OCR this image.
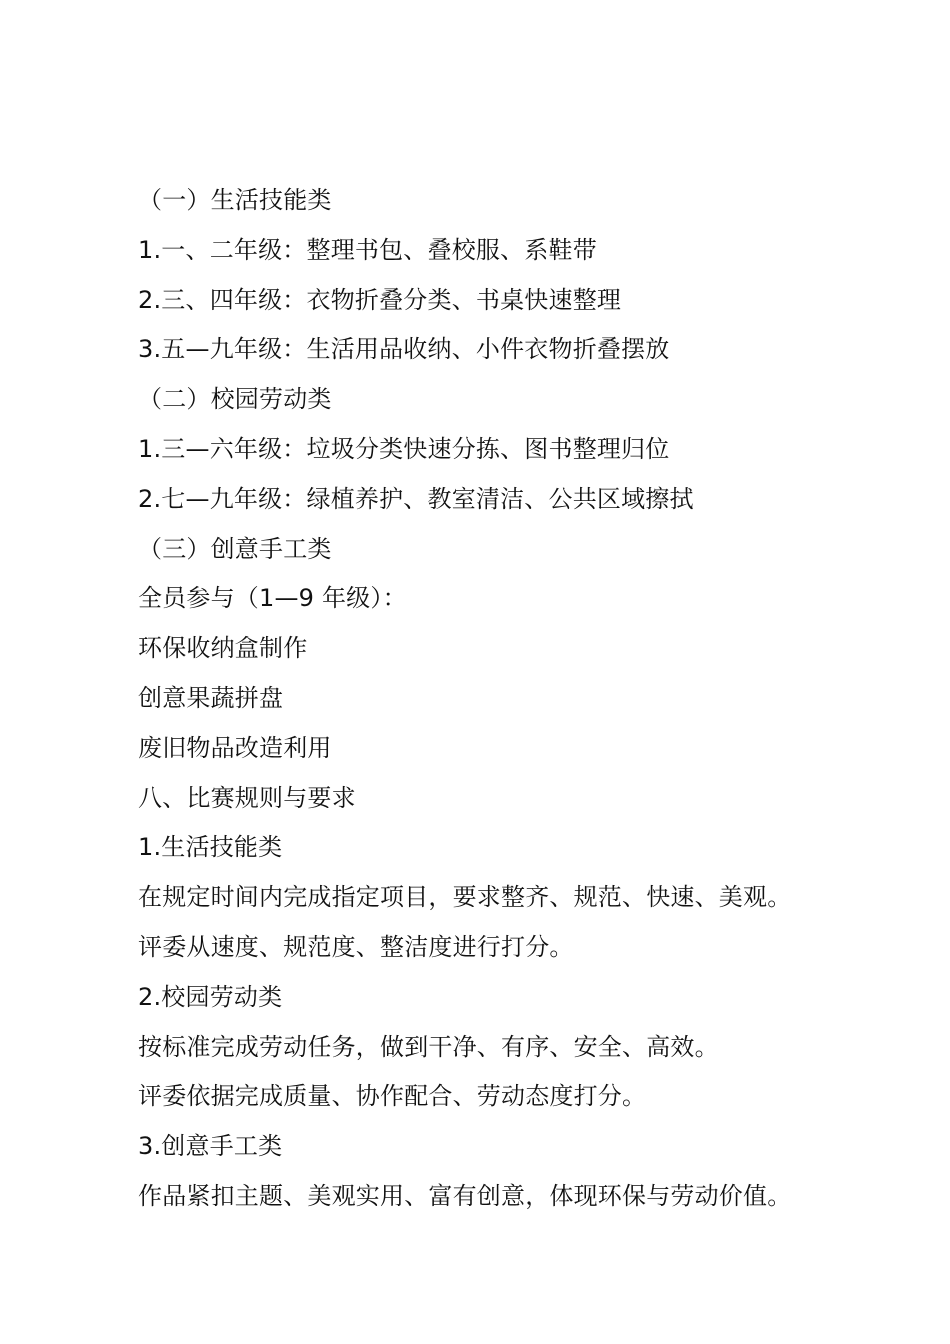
（一）生活技能类
1.一、二年级：整理书包、叠校服、系鞋带
2.三、四年级：衣物折叠分类、书桌快速整理
3.五—九年级：生活用品收纳、小件衣物折叠摆放
（二）校园劳动类
1.三—六年级：垃圾分类快速分拣、图书整理归位
2.七—九年级：绿植养护、教室清洁、公共区域擦拭
（三）创意手工类
全员参与（1—9 年级）：
环保收纳盒制作
创意果蔬拼盘
废旧物品改造利用
八、比赛规则与要求
1.生活技能类
在规定时间内完成指定项目，要求整齐、规范、快速、美观。
评委从速度、规范度、整洁度进行打分。
2.校园劳动类
按标准完成劳动任务，做到干净、有序、安全、高效。
评委依据完成质量、协作配合、劳动态度打分。
3.创意手工类
作品紧扣主题、美观实用、富有创意，体现环保与劳动价值。
